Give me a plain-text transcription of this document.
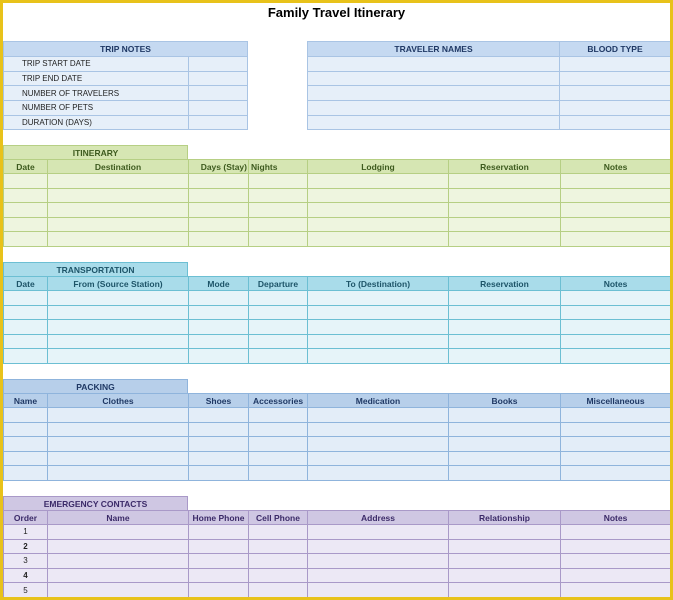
Family Travel Itinerary
TRIP NOTES	
TRIP START DATE	
TRIP END DATE	
NUMBER OF TRAVELERS	
NUMBER OF PETS	
DURATION (DAYS)	
TRAVELER NAMES	BLOOD TYPE

ITINERARY
Date	Destination	Days (Stay)	Nights	Lodging	Reservation	Notes

TRANSPORTATION
Date	From (Source Station)	Mode	Departure	To (Destination)	Reservation	Notes

PACKING
Name	Clothes	Shoes	Accessories	Medication	Books	Miscellaneous

EMERGENCY CONTACTS
Order	Name	Home Phone	Cell Phone	Address	Relationship	Notes
1						
2						
3						
4						
5						
